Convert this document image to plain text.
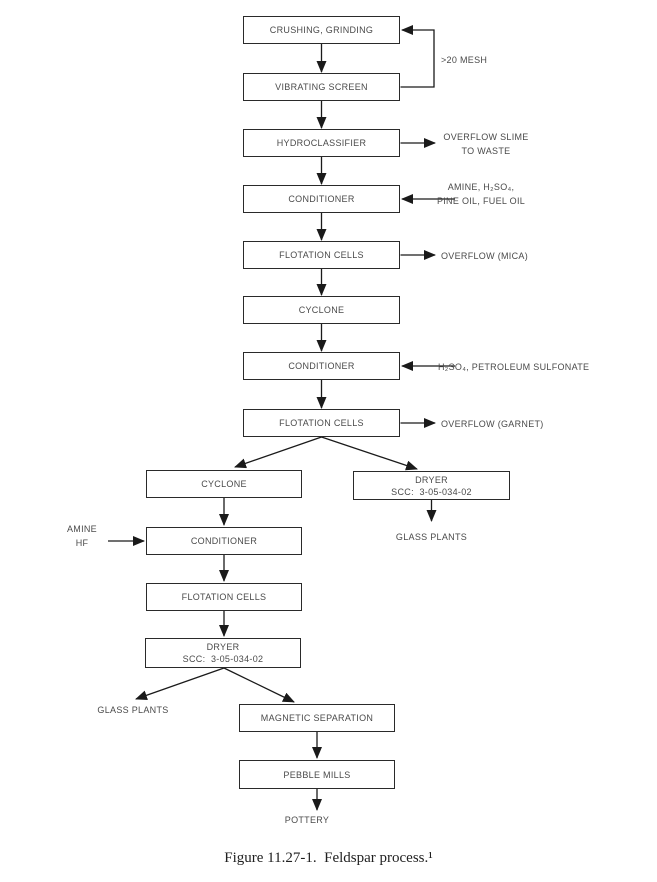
CRUSHING, GRINDING
VIBRATING SCREEN
HYDROCLASSIFIER
CONDITIONER
FLOTATION CELLS
CYCLONE
CONDITIONER
FLOTATION CELLS
CYCLONE	DRYER
SCC:  3-05-034-02
CONDITIONER
FLOTATION CELLS
DRYER
SCC:  3-05-034-02
MAGNETIC SEPARATION
PEBBLE MILLS
>20 MESH
OVERFLOW SLIME
TO WASTE
AMINE, H₂SO₄,
PINE OIL, FUEL OIL
OVERFLOW (MICA)
H₂SO₄, PETROLEUM SULFONATE
OVERFLOW (GARNET)
GLASS PLANTS
AMINE
HF
GLASS PLANTS
POTTERY
Figure 11.27-1.  Feldspar process.¹
